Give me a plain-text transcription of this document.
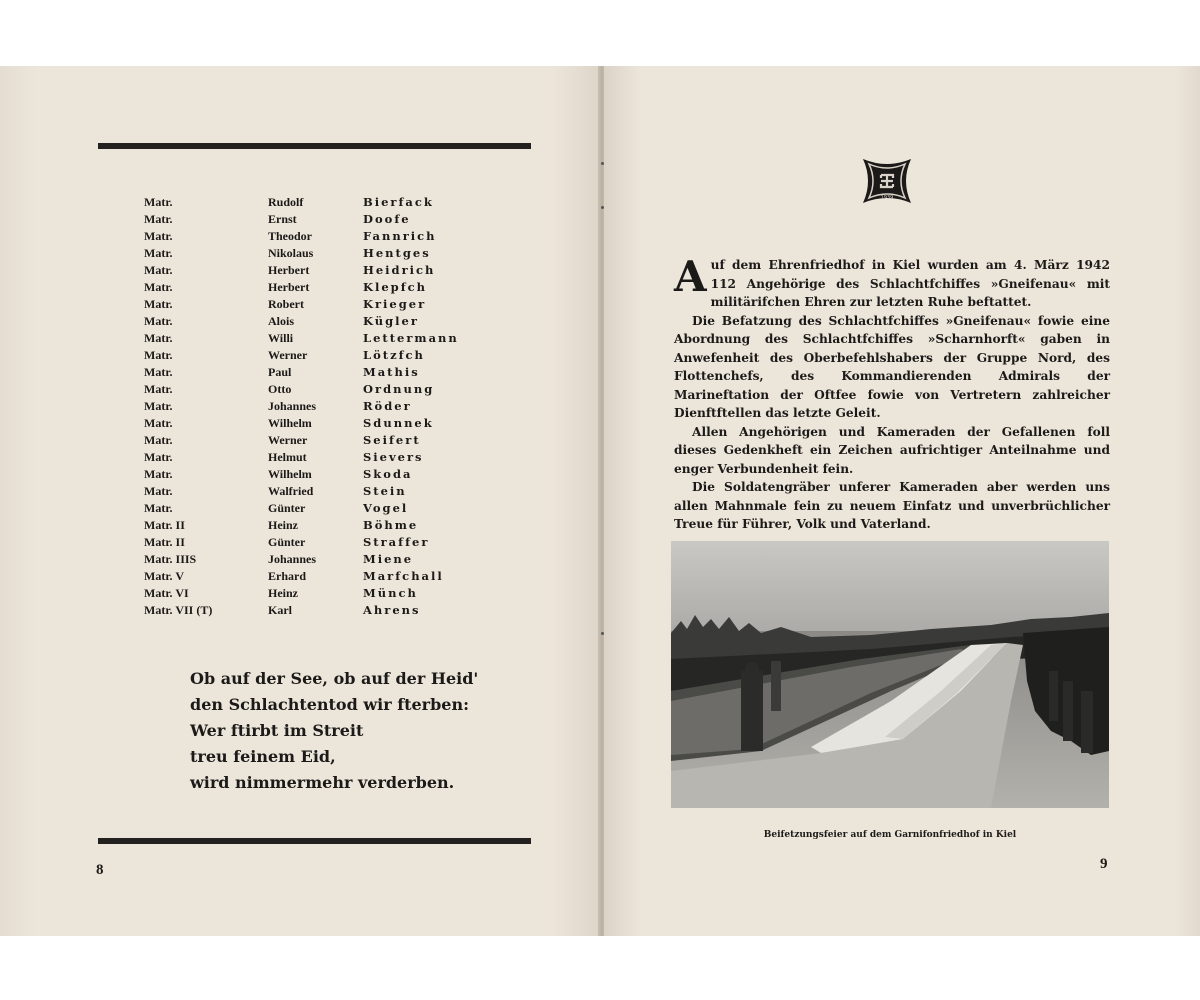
Matr.	Rudolf	Bierfack
Matr.	Ernst	Doofe
Matr.	Theodor	Fannrich
Matr.	Nikolaus	Hentges
Matr.	Herbert	Heidrich
Matr.	Herbert	Klepfch
Matr.	Robert	Krieger
Matr.	Alois	Kügler
Matr.	Willi	Lettermann
Matr.	Werner	Lötzfch
Matr.	Paul	Mathis
Matr.	Otto	Ordnung
Matr.	Johannes	Röder
Matr.	Wilhelm	Sdunnek
Matr.	Werner	Seifert
Matr.	Helmut	Sievers
Matr.	Wilhelm	Skoda
Matr.	Walfried	Stein
Matr.	Günter	Vogel
Matr. II	Heinz	Böhme
Matr. II	Günter	Straffer
Matr. IIIS	Johannes	Miene
Matr. V	Erhard	Marfchall
Matr. VI	Heinz	Münch
Matr. VII (T)	Karl	Ahrens
Ob auf der See, ob auf der Heid'
den Schlachtentod wir fterben:
Wer ftirbt im Streit
treu feinem Eid,
wird nimmermehr verderben.
8
1939

Auf dem Ehrenfriedhof in Kiel wurden am 4. März 1942 112 Angehörige des Schlachtfchiffes »Gneifenau« mit militärifchen Ehren zur letzten Ruhe beftattet.

Die Befatzung des Schlachtfchiffes »Gneifenau« fowie eine Abordnung des Schlachtfchiffes »Scharnhorft« gaben in Anwefenheit des Oberbefehlshabers der Gruppe Nord, des Flottenchefs, des Kommandierenden Admirals der Marineftation der Oftfee fowie von Vertretern zahlreicher Dienftftellen das letzte Geleit.

Allen Angehörigen und Kameraden der Gefallenen foll dieses Gedenkheft ein Zeichen aufrichtiger Anteilnahme und enger Verbundenheit fein.

Die Soldatengräber unferer Kameraden aber werden uns allen Mahnmale fein zu neuem Einfatz und unverbrüchlicher Treue für Führer, Volk und Vaterland.

Beifetzungsfeier auf dem Garnifonfriedhof in Kiel
9
